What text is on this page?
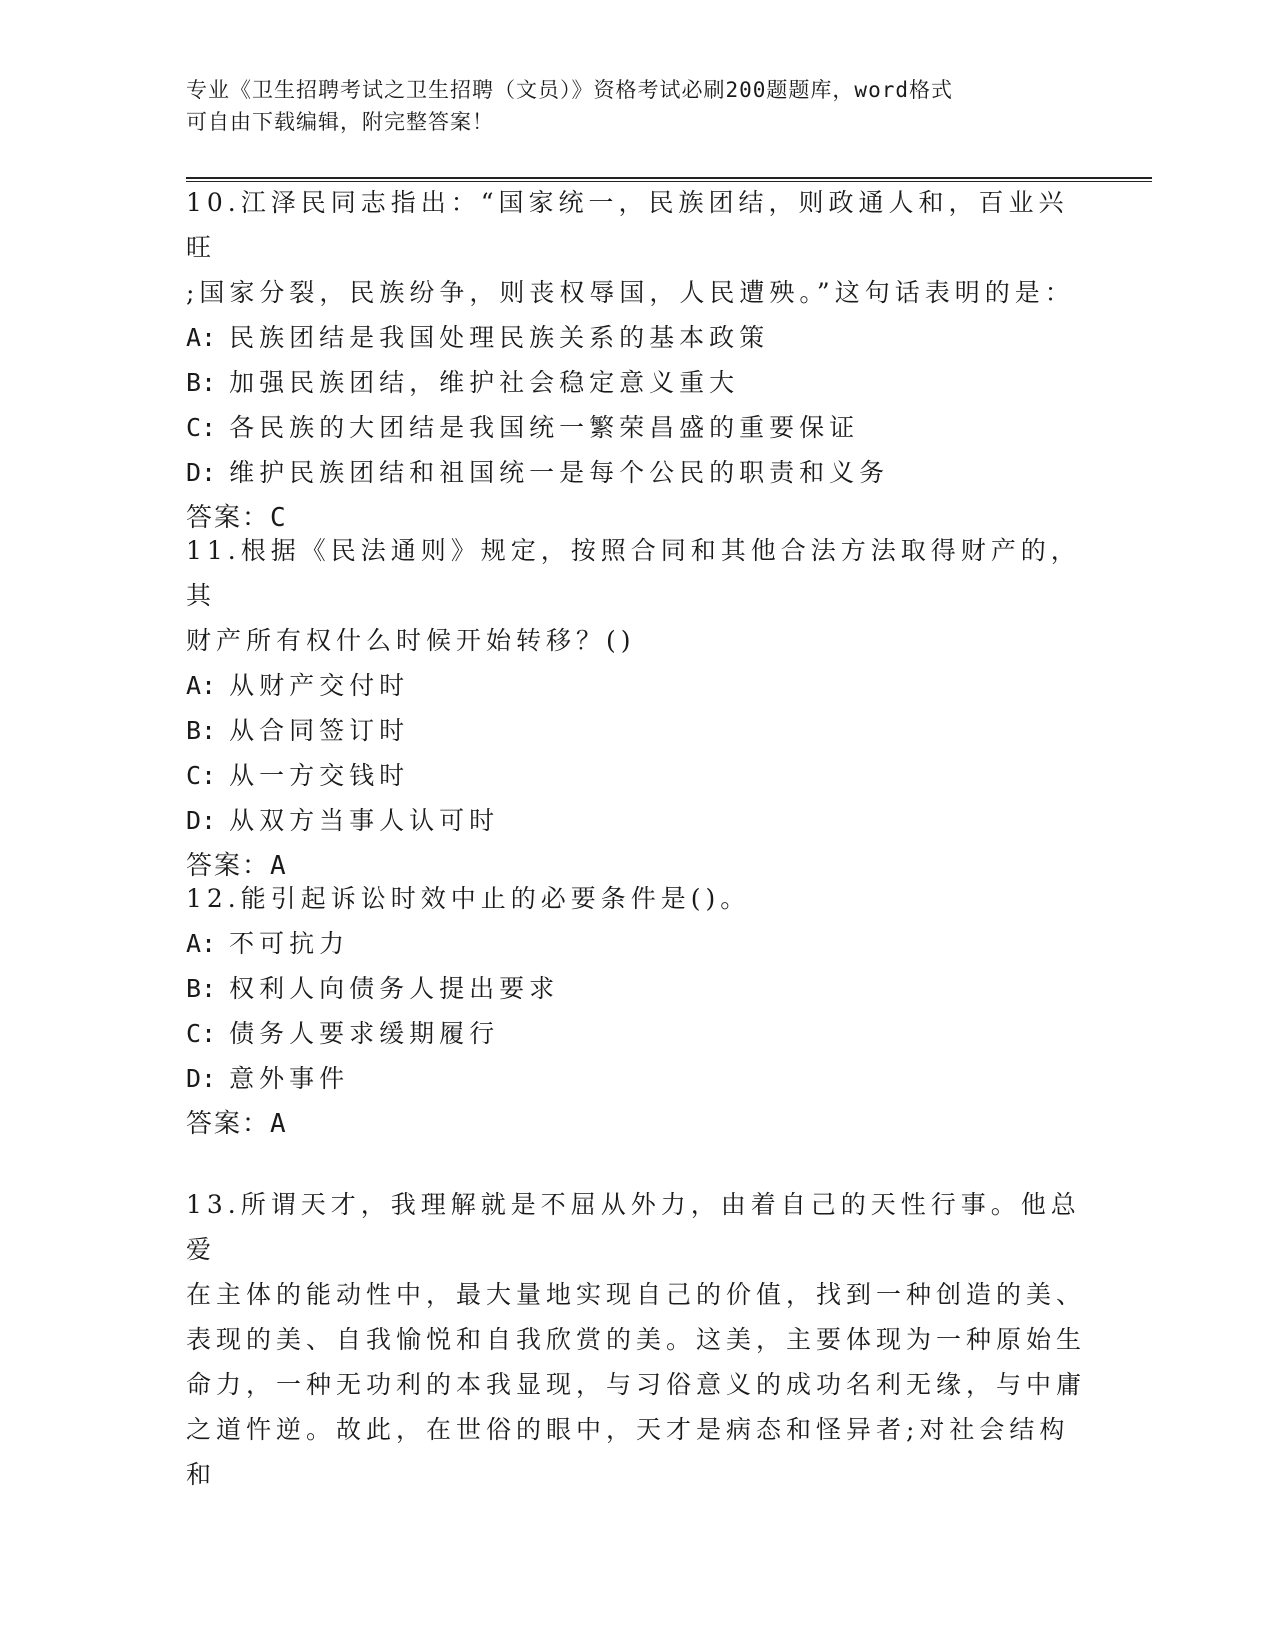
专业《卫生招聘考试之卫生招聘（文员）》资格考试必刷200题题库，word格式
可自由下载编辑，附完整答案！

10.江泽民同志指出：“国家统一，民族团结，则政通人和，百业兴旺

;国家分裂，民族纷争，则丧权辱国，人民遭殃。”这句话表明的是：

A: 民族团结是我国处理民族关系的基本政策

B: 加强民族团结，维护社会稳定意义重大

C: 各民族的大团结是我国统一繁荣昌盛的重要保证

D: 维护民族团结和祖国统一是每个公民的职责和义务

答案：C

11.根据《民法通则》规定，按照合同和其他合法方法取得财产的，其

财产所有权什么时候开始转移？()

A: 从财产交付时

B: 从合同签订时

C: 从一方交钱时

D: 从双方当事人认可时

答案：A

12.能引起诉讼时效中止的必要条件是()。

A: 不可抗力

B: 权利人向债务人提出要求

C: 债务人要求缓期履行

D: 意外事件

答案：A

13.所谓天才，我理解就是不屈从外力，由着自己的天性行事。他总爱

在主体的能动性中，最大量地实现自己的价值，找到一种创造的美、

表现的美、自我愉悦和自我欣赏的美。这美，主要体现为一种原始生

命力，一种无功利的本我显现，与习俗意义的成功名利无缘，与中庸

之道忤逆。故此，在世俗的眼中，天才是病态和怪异者;对社会结构和
